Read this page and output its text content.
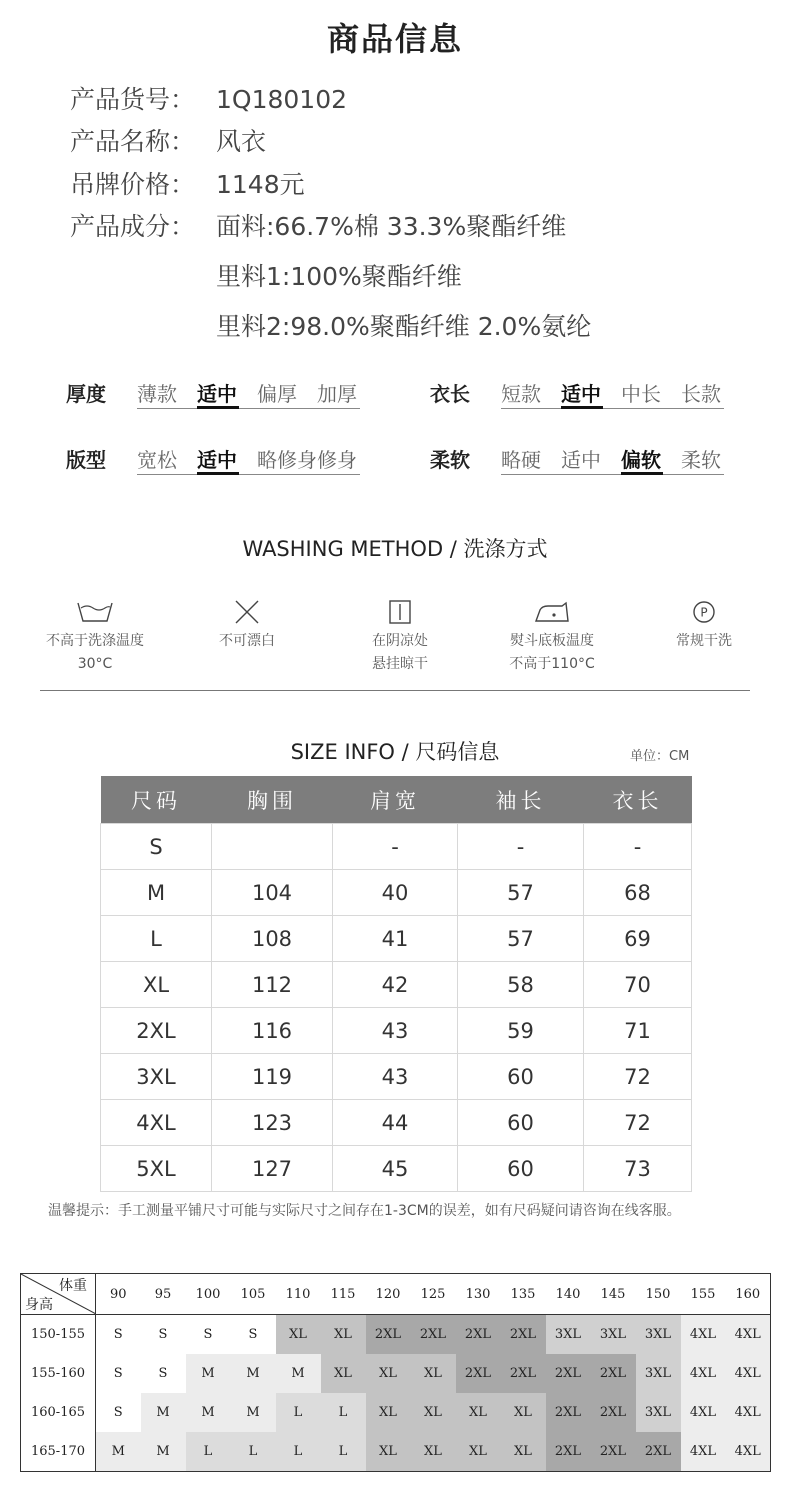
商品信息
产品货号： 1Q180102
产品名称： 风衣
吊牌价格： 1148元
产品成分： 面料:66.7%棉 33.3%聚酯纤维
里料1:100%聚酯纤维
里料2:98.0%聚酯纤维 2.0%氨纶
厚度 薄款 适中 偏厚 加厚	衣长 短款 适中 中长 长款
版型 宽松 适中 略修身 修身	柔软 略硬 适中 偏软 柔软
WASHING METHOD / 洗涤方式
不高于洗涤温度
30°C
不可漂白	在阴凉处
悬挂晾干
熨斗底板温度
不高于110°C
P
常规干洗
SIZE INFO / 尺码信息	单位：CM
尺码	胸围	肩宽	袖长	衣长
S		-	-	-
M	104	40	57	68
L	108	41	57	69
XL	112	42	58	70
2XL	116	43	59	71
3XL	119	43	60	72
4XL	123	44	60	72
5XL	127	45	60	73
温馨提示：手工测量平铺尺寸可能与实际尺寸之间存在1-3CM的误差，如有尺码疑问请咨询在线客服。
体重
身高	90	95	100	105	110	115	120	125	130	135	140	145	150	155	160
150-155	S	S	S	S	XL	XL	2XL	2XL	2XL	2XL	3XL	3XL	3XL	4XL	4XL
155-160	S	S	M	M	M	XL	XL	XL	2XL	2XL	2XL	2XL	3XL	4XL	4XL
160-165	S	M	M	M	L	L	XL	XL	XL	XL	2XL	2XL	3XL	4XL	4XL
165-170	M	M	L	L	L	L	XL	XL	XL	XL	2XL	2XL	2XL	4XL	4XL
